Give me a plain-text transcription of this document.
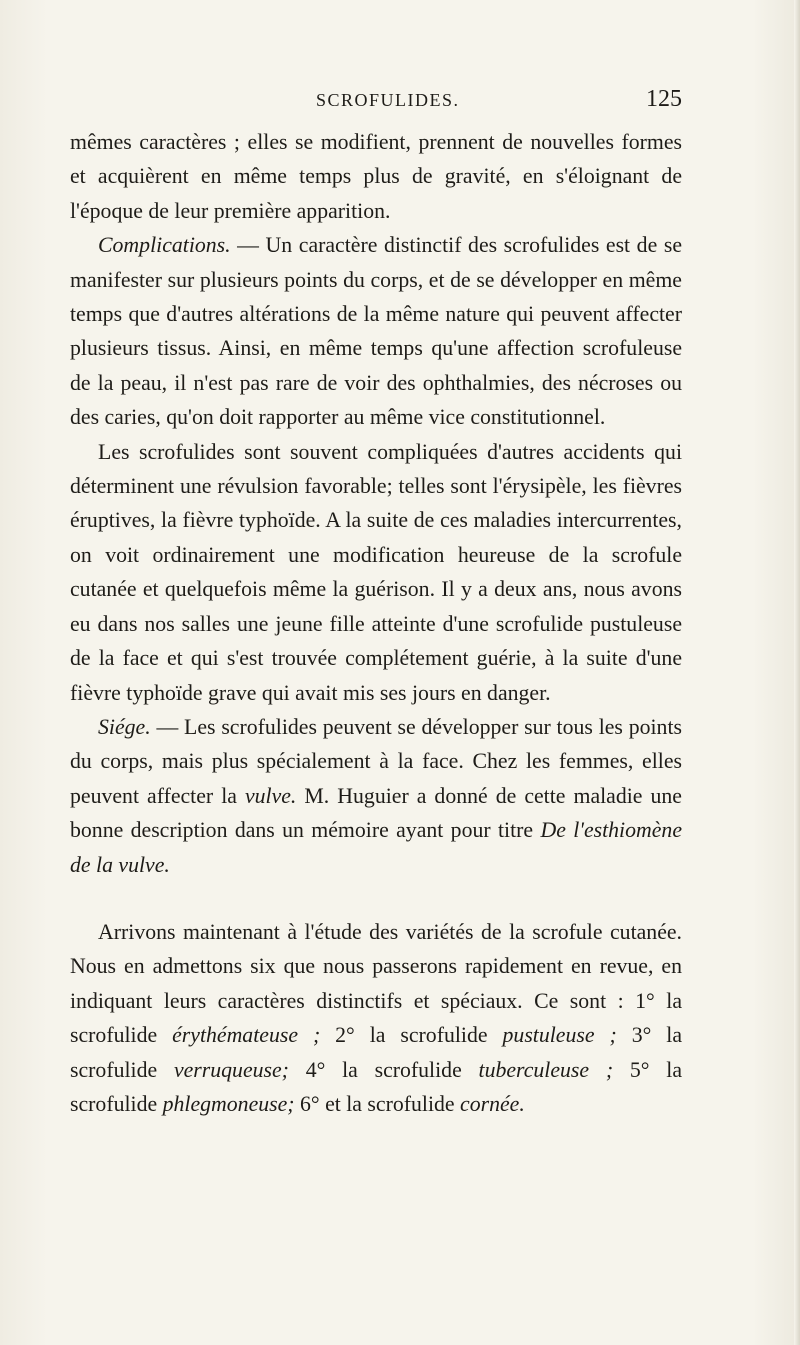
SCROFULIDES.	125

mêmes caractères ; elles se modifient, prennent de nouvelles formes et acquièrent en même temps plus de gravité, en s'éloignant de l'époque de leur première apparition.

Complications. — Un caractère distinctif des scrofulides est de se manifester sur plusieurs points du corps, et de se développer en même temps que d'autres altérations de la même nature qui peuvent affecter plusieurs tissus. Ainsi, en même temps qu'une affection scrofuleuse de la peau, il n'est pas rare de voir des ophthalmies, des nécroses ou des caries, qu'on doit rapporter au même vice constitutionnel.

Les scrofulides sont souvent compliquées d'autres accidents qui déterminent une révulsion favorable; telles sont l'érysipèle, les fièvres éruptives, la fièvre typhoïde. A la suite de ces maladies intercurrentes, on voit ordinairement une modification heureuse de la scrofule cutanée et quelquefois même la guérison. Il y a deux ans, nous avons eu dans nos salles une jeune fille atteinte d'une scrofulide pustuleuse de la face et qui s'est trouvée complétement guérie, à la suite d'une fièvre typhoïde grave qui avait mis ses jours en danger.

Siége. — Les scrofulides peuvent se développer sur tous les points du corps, mais plus spécialement à la face. Chez les femmes, elles peuvent affecter la vulve. M. Huguier a donné de cette maladie une bonne description dans un mémoire ayant pour titre De l'esthiomène de la vulve.

Arrivons maintenant à l'étude des variétés de la scrofule cutanée. Nous en admettons six que nous passerons rapidement en revue, en indiquant leurs caractères distinctifs et spéciaux. Ce sont : 1° la scrofulide érythémateuse ; 2° la scrofulide pustuleuse ; 3° la scrofulide verruqueuse; 4° la scrofulide tuberculeuse ; 5° la scrofulide phlegmoneuse; 6° et la scrofulide cornée.
